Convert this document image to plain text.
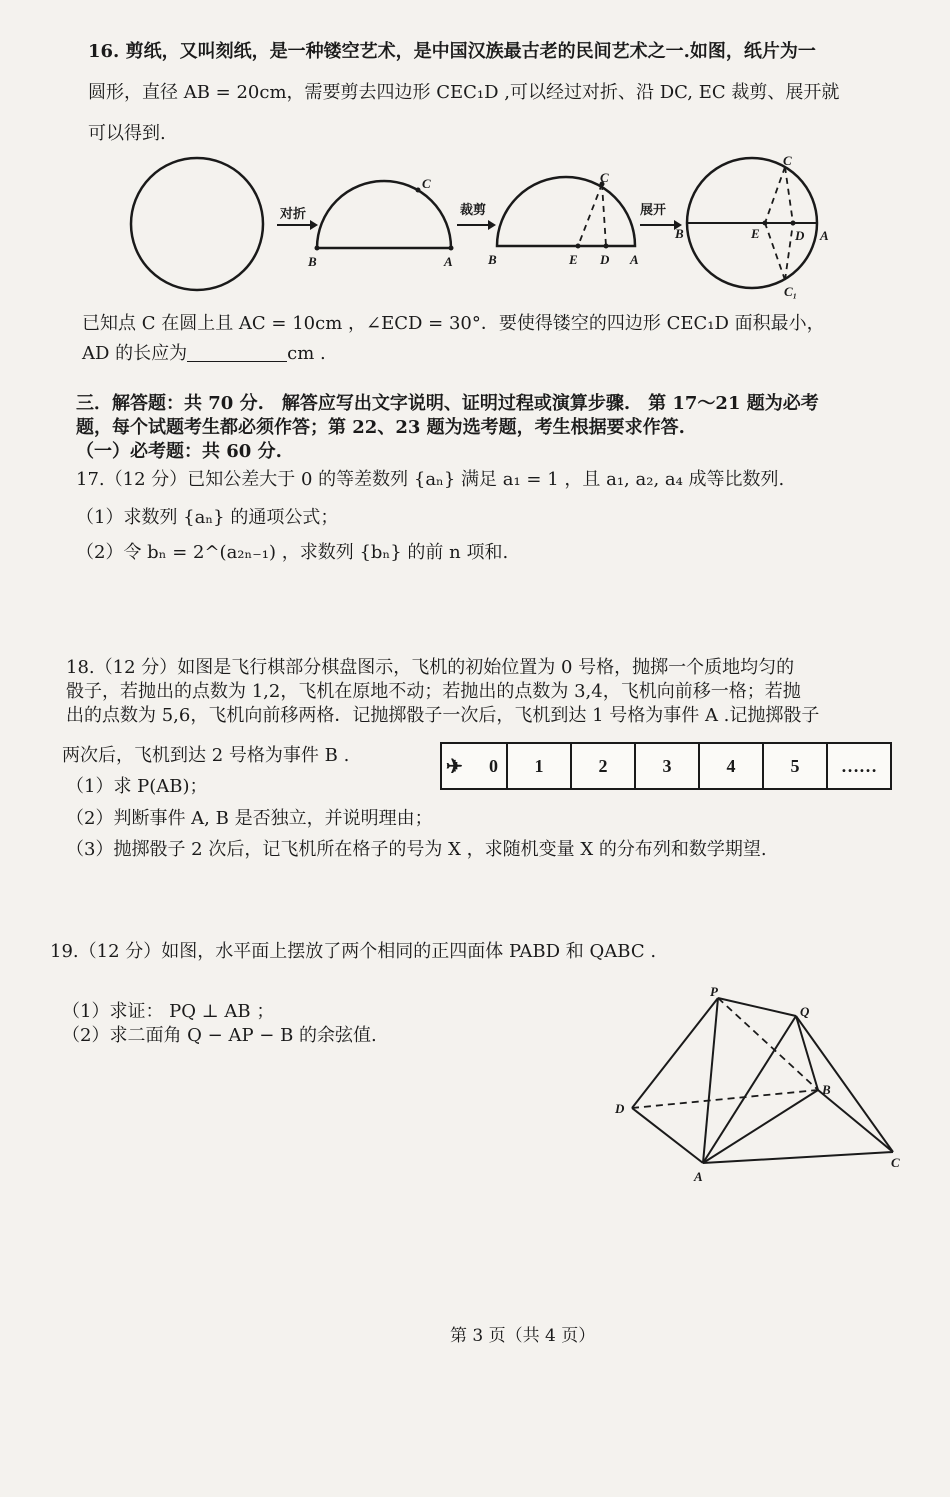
16. 剪纸，又叫刻纸，是一种镂空艺术，是中国汉族最古老的民间艺术之一.如图，纸片为一
圆形，直径 AB = 20cm，需要剪去四边形 CEC₁D ,可以经过对折、沿 DC, EC 裁剪、展开就
可以得到.
对折
B	A
C
裁剪
B	E D A
C
展开
B	E	D A
C
C₁
已知点 C 在圆上且 AC = 10cm ，∠ECD = 30°．要使得镂空的四边形 CEC₁D 面积最小，
AD 的长应为	cm .
三．解答题：共 70 分.　解答应写出文字说明、证明过程或演算步骤.　第 17～21 题为必考
题，每个试题考生都必须作答；第 22、23 题为选考题，考生根据要求作答.
（一）必考题：共 60 分.
17.（12 分）已知公差大于 0 的等差数列 {aₙ} 满足 a₁ = 1 ，且 a₁, a₂, a₄ 成等比数列.
（1）求数列 {aₙ} 的通项公式；
（2）令 bₙ = 2^(a₂ₙ₋₁) ，求数列 {bₙ} 的前 n 项和.
18.（12 分）如图是飞行棋部分棋盘图示，飞机的初始位置为 0 号格，抛掷一个质地均匀的
骰子，若抛出的点数为 1,2，飞机在原地不动；若抛出的点数为 3,4，飞机向前移一格；若抛
出的点数为 5,6，飞机向前移两格．记抛掷骰子一次后，飞机到达 1 号格为事件 A .记抛掷骰子
两次后，飞机到达 2 号格为事件 B .
（1）求 P(AB)；
（2）判断事件 A, B 是否独立，并说明理由；
（3）抛掷骰子 2 次后，记飞机所在格子的号为 X ，求随机变量 X 的分布列和数学期望.
✈ 0	1	2	3	4	5	……
19.（12 分）如图，水平面上摆放了两个相同的正四面体 PABD 和 QABC .
（1）求证： PQ ⊥ AB ；
（2）求二面角 Q − AP − B 的余弦值.
P
Q
B
D
A
C
第 3 页（共 4 页）
